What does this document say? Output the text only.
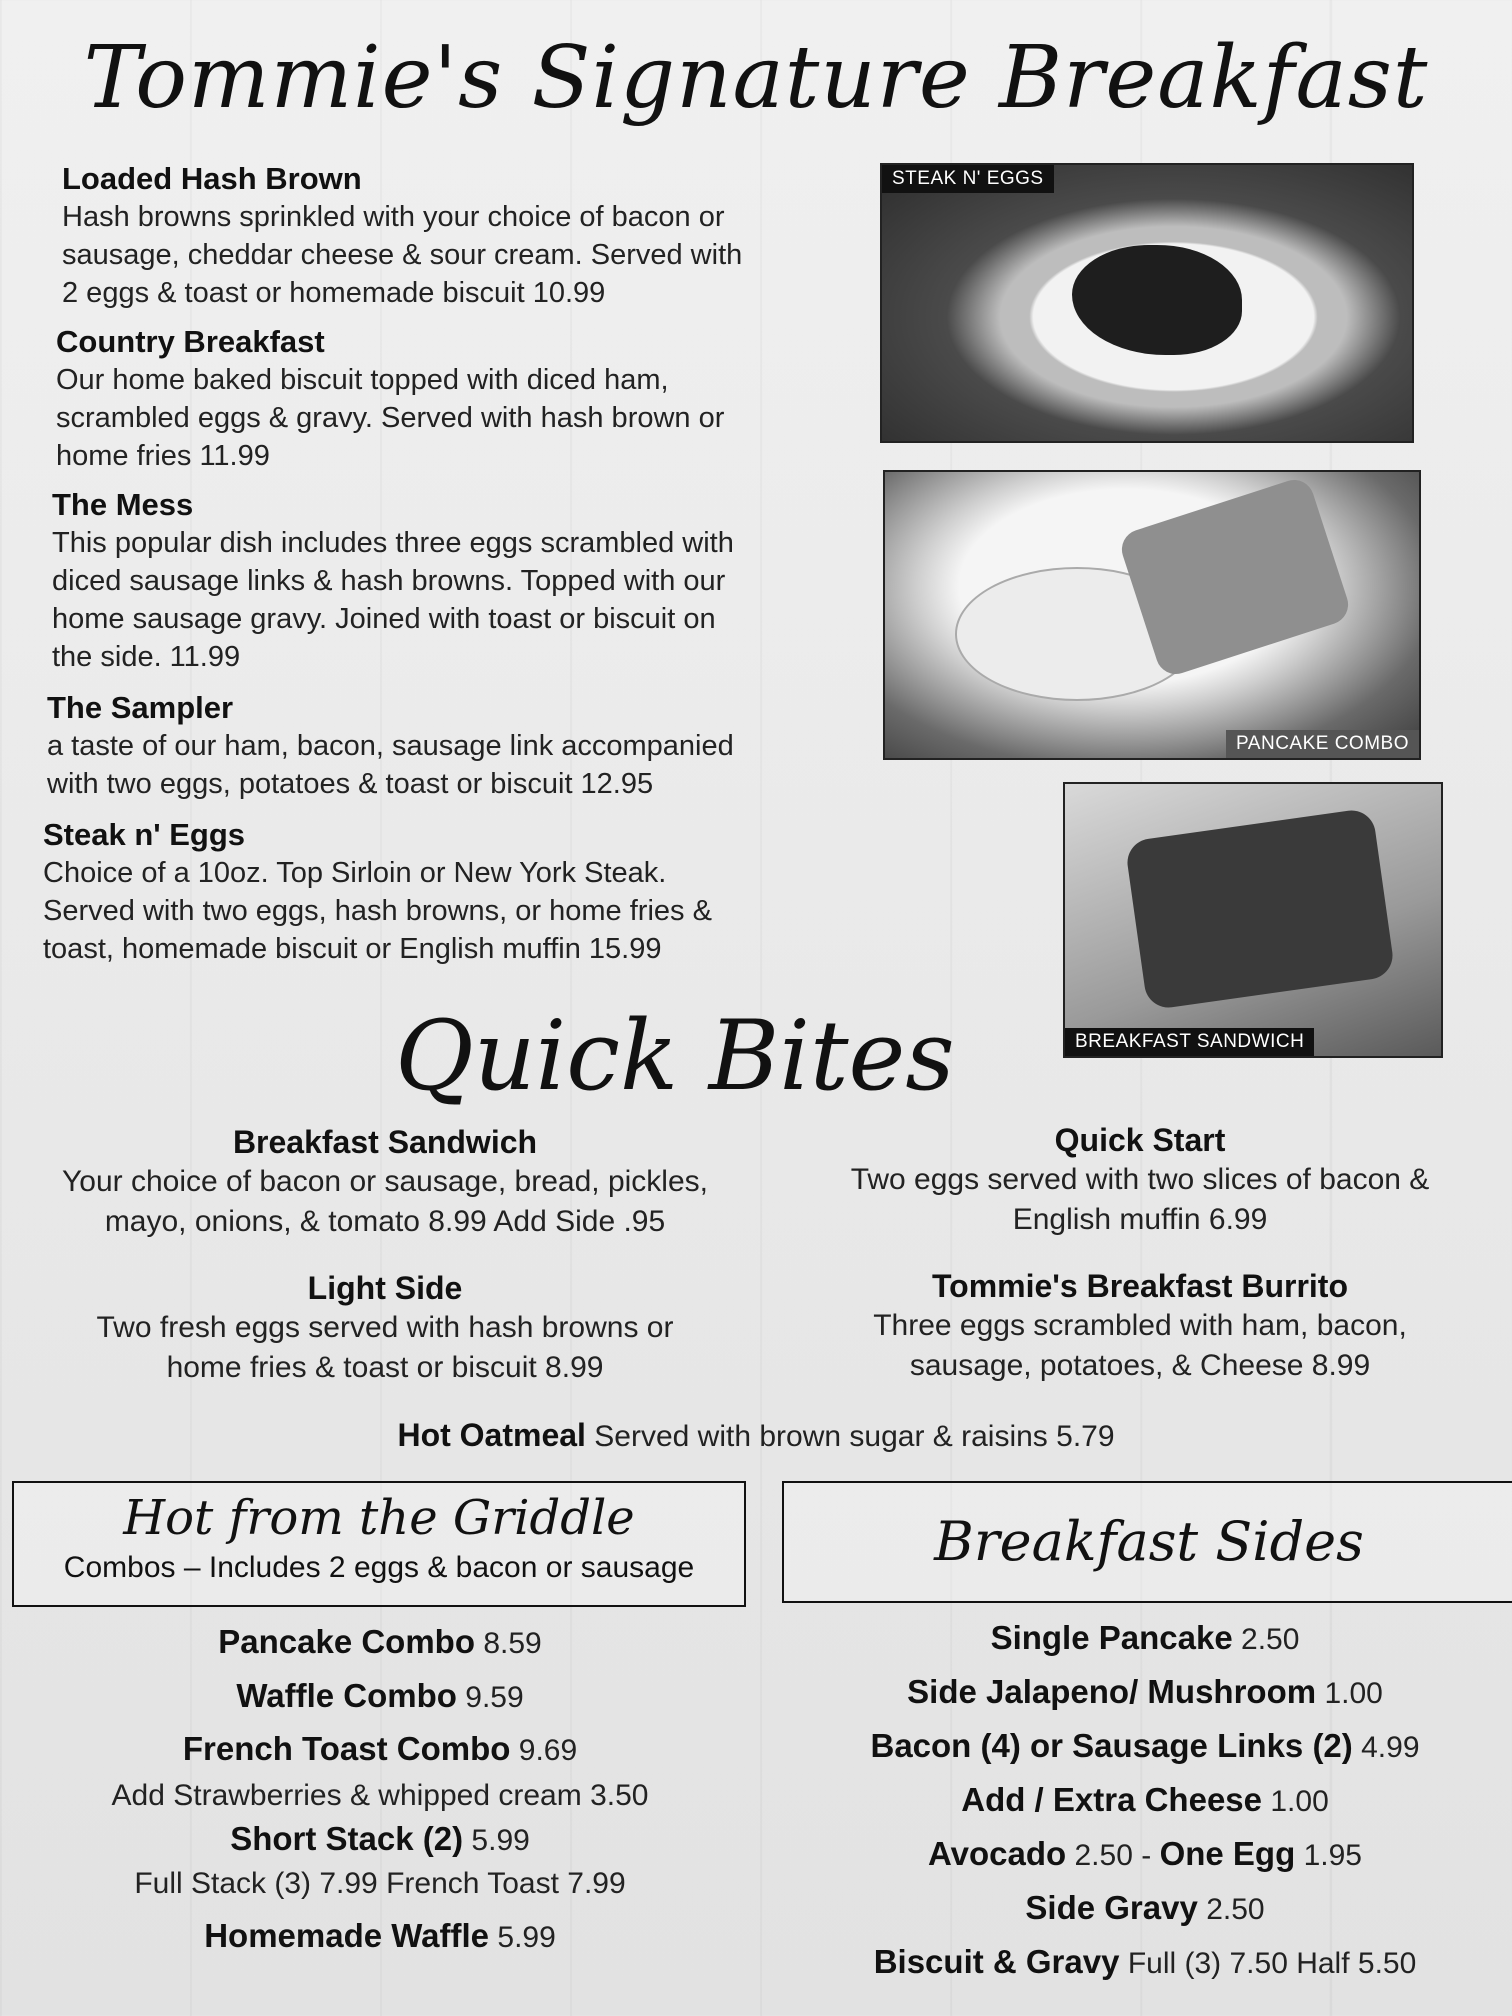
Tommie's Signature Breakfast
Loaded Hash Brown
Hash browns sprinkled with your choice of bacon or
sausage, cheddar cheese & sour cream. Served with
2 eggs & toast or homemade biscuit 10.99
Country Breakfast
Our home baked biscuit topped with diced ham,
scrambled eggs & gravy. Served with hash brown or
home fries 11.99
The Mess
This popular dish includes three eggs scrambled with
diced sausage links & hash browns. Topped with our
home sausage gravy. Joined with toast or biscuit on
the side. 11.99
The Sampler
a taste of our ham, bacon, sausage link accompanied
with two eggs, potatoes & toast or biscuit 12.95
Steak n' Eggs
Choice of a 10oz. Top Sirloin or New York Steak.
Served with two eggs, hash browns, or home fries &
toast, homemade biscuit or English muffin 15.99
STEAK N' EGGS
PANCAKE COMBO
BREAKFAST SANDWICH
Quick Bites
Breakfast Sandwich
Your choice of bacon or sausage, bread, pickles,
mayo, onions, & tomato 8.99 Add Side .95
Quick Start
Two eggs served with two slices of bacon &
English muffin 6.99
Light Side
Two fresh eggs served with hash browns or
home fries & toast or biscuit 8.99
Tommie's Breakfast Burrito
Three eggs scrambled with ham, bacon,
sausage, potatoes, & Cheese 8.99
Hot Oatmeal Served with brown sugar & raisins 5.79
Hot from the Griddle
Combos – Includes 2 eggs & bacon or sausage
Pancake Combo 8.59
Waffle Combo 9.59
French Toast Combo 9.69
Add Strawberries & whipped cream 3.50
Short Stack (2) 5.99
Full Stack (3) 7.99 French Toast 7.99
Homemade Waffle 5.99
Breakfast Sides
Single Pancake 2.50
Side Jalapeno/ Mushroom 1.00
Bacon (4) or Sausage Links (2) 4.99
Add / Extra Cheese 1.00
Avocado 2.50 - One Egg 1.95
Side Gravy 2.50
Biscuit & Gravy Full (3) 7.50 Half 5.50
